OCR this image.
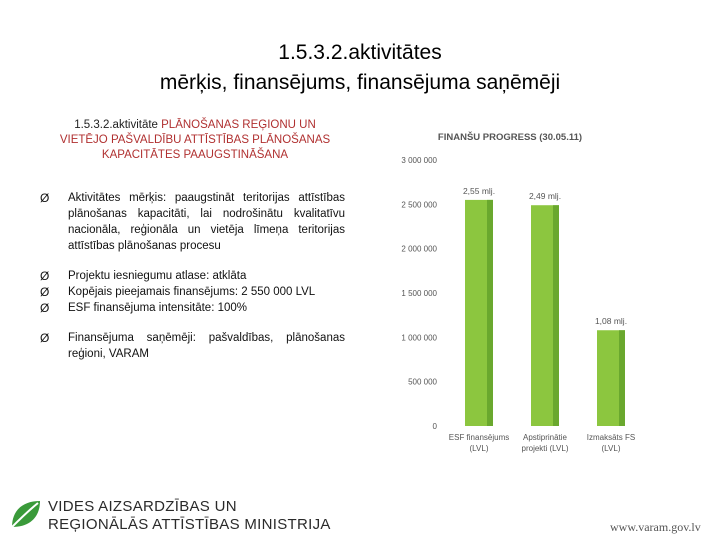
1.5.3.2.aktivitātes
mērķis, finansējums, finansējuma saņēmēji
1.5.3.2.aktivitāte PLĀNOŠANAS REĢIONU UN
VIETĒJO PAŠVALDĪBU ATTĪSTĪBAS PLĀNOŠANAS
KAPACITĀTES PAAUGSTINĀŠANA
Ø Aktivitātes mērķis: paaugstināt teritorijas attīstības plānošanas kapacitāti, lai nodrošinātu kvalitatīvu nacionāla, reģionāla un vietēja līmeņa teritorijas attīstības plānošanas procesu
Ø Projektu iesniegumu atlase: atklāta
Ø Kopējais pieejamais finansējums: 2 550 000 LVL
Ø ESF finansējuma intensitāte: 100%
Ø Finansējuma saņēmēji: pašvaldības, plānošanas reģioni, VARAM
FINANŠU PROGRESS (30.05.11)
0
500 000
1 000 000
1 500 000
2 000 000
2 500 000
3 000 000
2,55 mlj.
ESF finansējums
(LVL)
2,49 mlj.
Apstiprinātie
projekti (LVL)
1,08 mlj.
Izmaksāts FS
(LVL)
VIDES AIZSARDZĪBAS UN
REĢIONĀLĀS ATTĪSTĪBAS MINISTRIJA	www.varam.gov.lv
